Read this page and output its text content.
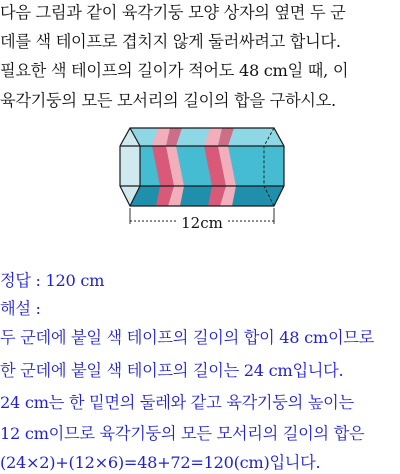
다음 그림과 같이 육각기둥 모양 상자의 옆면 두 군
데를 색 테이프로 겹치지 않게 둘러싸려고 합니다.
필요한 색 테이프의 길이가 적어도 48 cm일 때, 이
육각기둥의 모든 모서리의 길이의 합을 구하시오.
12cm
정답 : 120 cm
해설 :
두 군데에 붙일 색 테이프의 길이의 합이 48 cm이므로
한 군데에 붙일 색 테이프의 길이는 24 cm입니다.
24 cm는 한 밑면의 둘레와 같고 육각기둥의 높이는
12 cm이므로 육각기둥의 모든 모서리의 길이의 합은
(24×2)+(12×6)=48+72=120(cm)입니다.
